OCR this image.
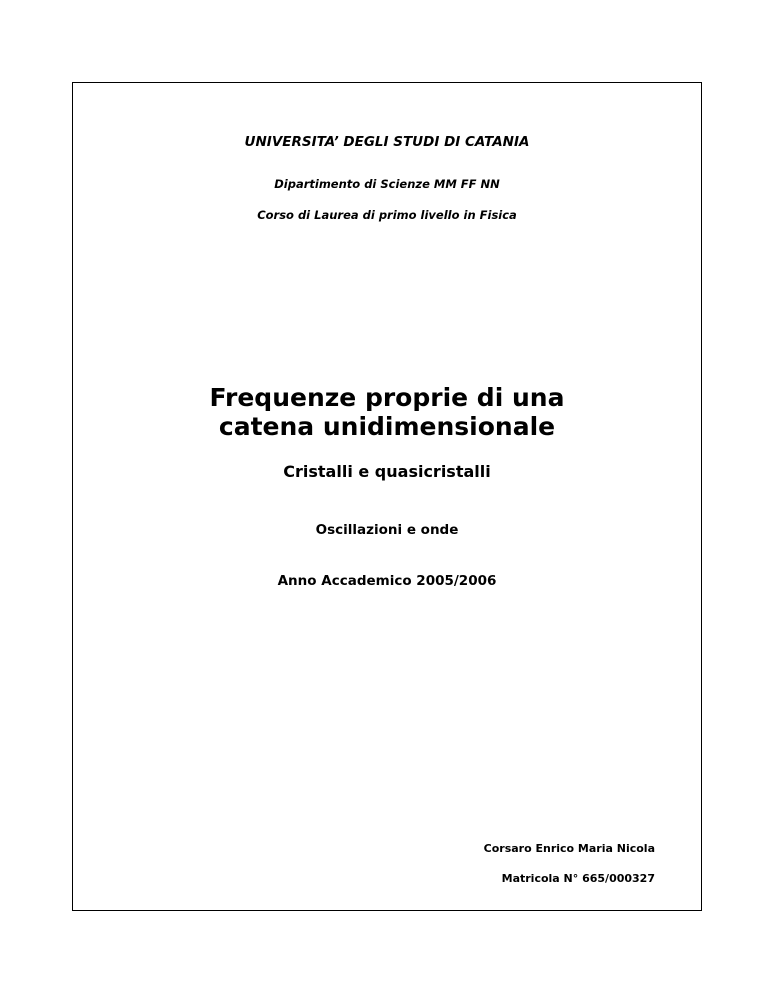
UNIVERSITA’ DEGLI STUDI DI CATANIA
Dipartimento di Scienze MM FF NN
Corso di Laurea di primo livello in Fisica
Frequenze proprie di una
catena unidimensionale
Cristalli e quasicristalli
Oscillazioni e onde
Anno Accademico 2005/2006
Corsaro Enrico Maria Nicola
Matricola N° 665/000327
